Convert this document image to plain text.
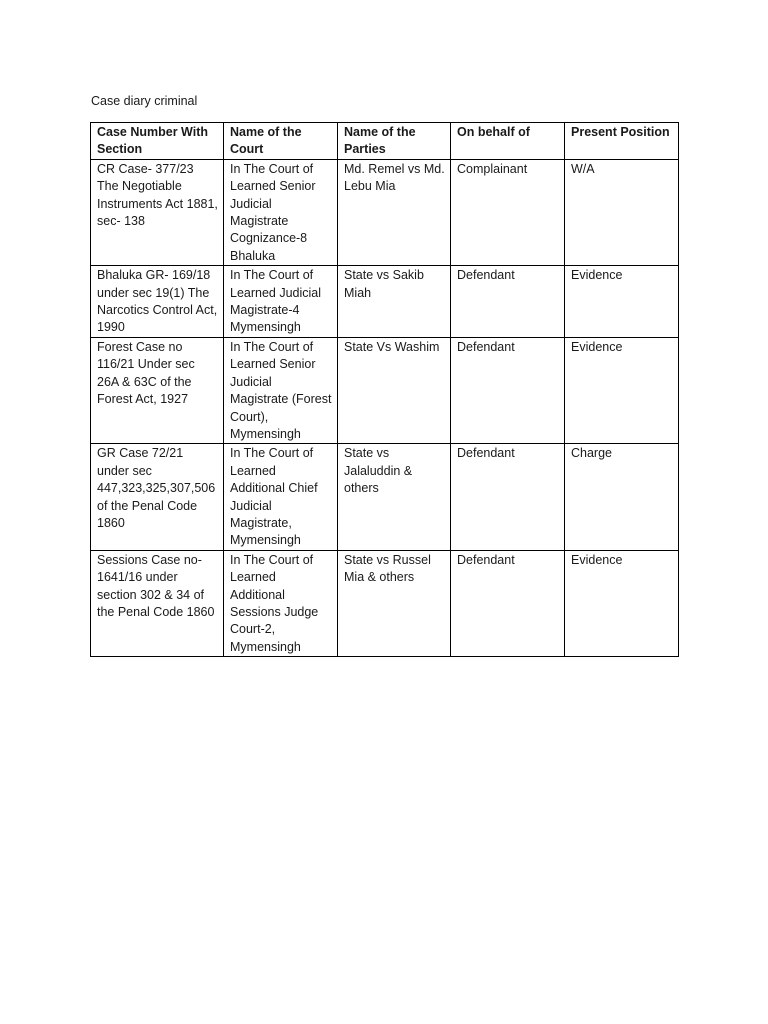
Case diary criminal
Case Number With Section	Name of the Court	Name of the Parties	On behalf of	Present Position
CR Case- 377/23 The Negotiable Instruments Act 1881, sec- 138	In The Court of Learned Senior Judicial Magistrate Cognizance-8 Bhaluka	Md. Remel vs Md. Lebu Mia	Complainant	W/A
Bhaluka GR- 169/18 under sec 19(1) The Narcotics Control Act, 1990	In The Court of Learned Judicial Magistrate-4 Mymensingh	State vs Sakib Miah	Defendant	Evidence
Forest Case no 116/21 Under sec 26A & 63C of the Forest Act, 1927	In The Court of Learned Senior Judicial Magistrate (Forest Court), Mymensingh	State Vs Washim	Defendant	Evidence
GR Case 72/21 under sec 447,323,325,307,506 of the Penal Code 1860	In The Court of Learned Additional Chief Judicial Magistrate, Mymensingh	State vs Jalaluddin & others	Defendant	Charge
Sessions Case no-1641/16 under section 302 & 34 of the Penal Code 1860	In The Court of Learned Additional Sessions Judge Court-2, Mymensingh	State vs Russel Mia & others	Defendant	Evidence
